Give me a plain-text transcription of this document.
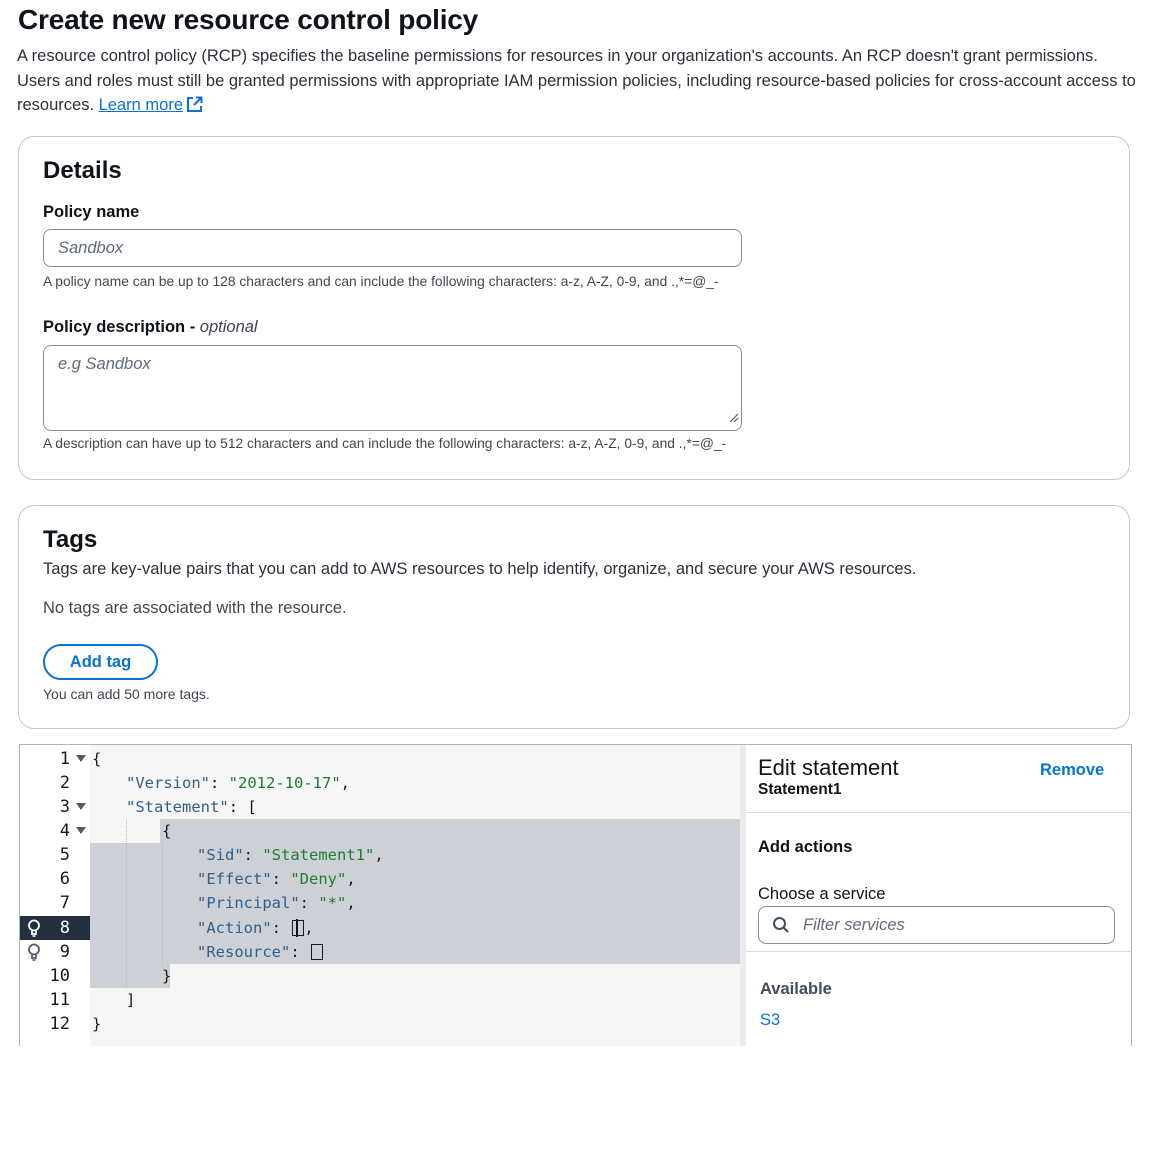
Create new resource control policy

A resource control policy (RCP) specifies the baseline permissions for resources in your organization's accounts. An RCP doesn't grant permissions. Users and roles must still be granted permissions with appropriate IAM permission policies, including resource-based policies for cross-account access to resources. Learn more

Details
Policy name
Sandbox
A policy name can be up to 128 characters and can include the following characters: a-z, A-Z, 0-9, and .,*=@_-
Policy description - optional
e.g Sandbox
A description can have up to 512 characters and can include the following characters: a-z, A-Z, 0-9, and .,*=@_-
Tags
Tags are key-value pairs that you can add to AWS resources to help identify, organize, and secure your AWS resources.
No tags are associated with the resource.
Add tag
You can add 50 more tags.
1
2
3
4
5
6
7
8
9
10
11
12
{
"Version": "2012-10-17",
"Statement": [
{
"Sid": "Statement1",
"Effect": "Deny",
"Principal": "*",
"Action": ,
"Resource":
}
]
}
Edit statement
Statement1
Remove
Add actions
Choose a service
Filter services
Available
S3
